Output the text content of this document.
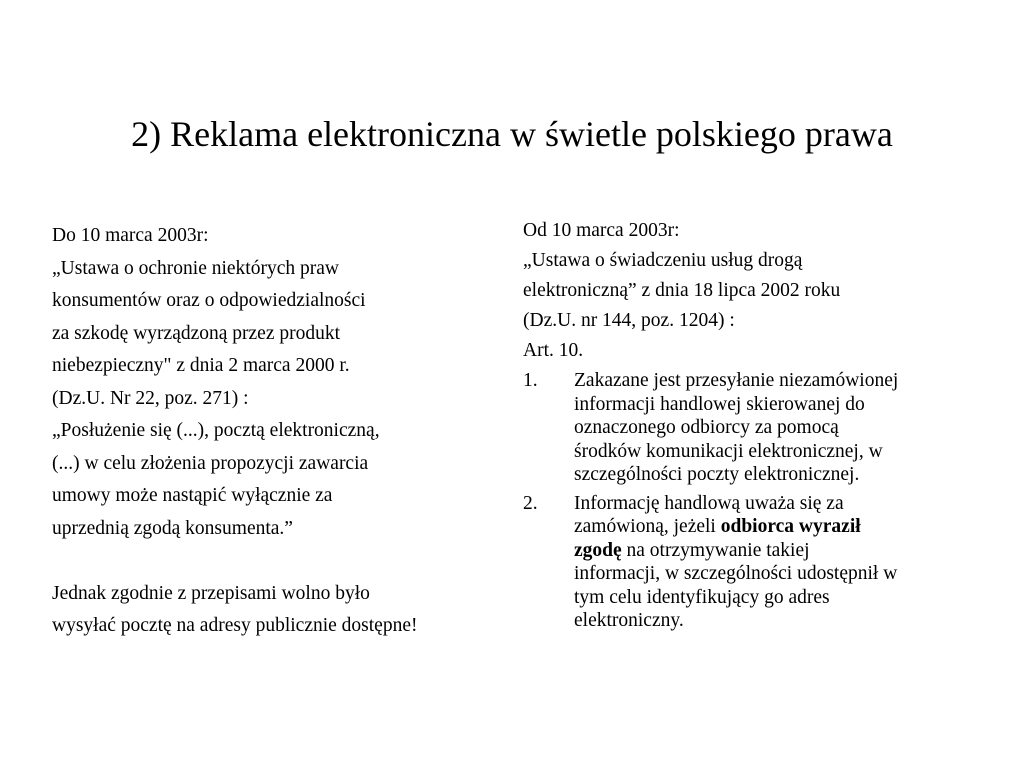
2) Reklama elektroniczna w świetle polskiego prawa
Do 10 marca 2003r:
„Ustawa o ochronie niektórych praw
konsumentów oraz o odpowiedzialności
za szkodę wyrządzoną przez produkt
niebezpieczny" z dnia 2 marca 2000 r.
(Dz.U. Nr 22, poz. 271) :
„Posłużenie się (...), pocztą elektroniczną,
(...) w celu złożenia propozycji zawarcia
umowy może nastąpić wyłącznie za
uprzednią zgodą konsumenta.”
Jednak zgodnie z przepisami wolno było
wysyłać pocztę na adresy publicznie dostępne!
Od 10 marca 2003r:
„Ustawa o świadczeniu usług drogą
elektroniczną” z dnia 18 lipca 2002 roku
(Dz.U. nr 144, poz. 1204) :
Art. 10.
1. Zakazane jest przesyłanie niezamówionej
informacji handlowej skierowanej do
oznaczonego odbiorcy za pomocą
środków komunikacji elektronicznej, w
szczególności poczty elektronicznej.
2. Informację handlową uważa się za
zamówioną, jeżeli odbiorca wyraził
zgodę na otrzymywanie takiej
informacji, w szczególności udostępnił w
tym celu identyfikujący go adres
elektroniczny.
